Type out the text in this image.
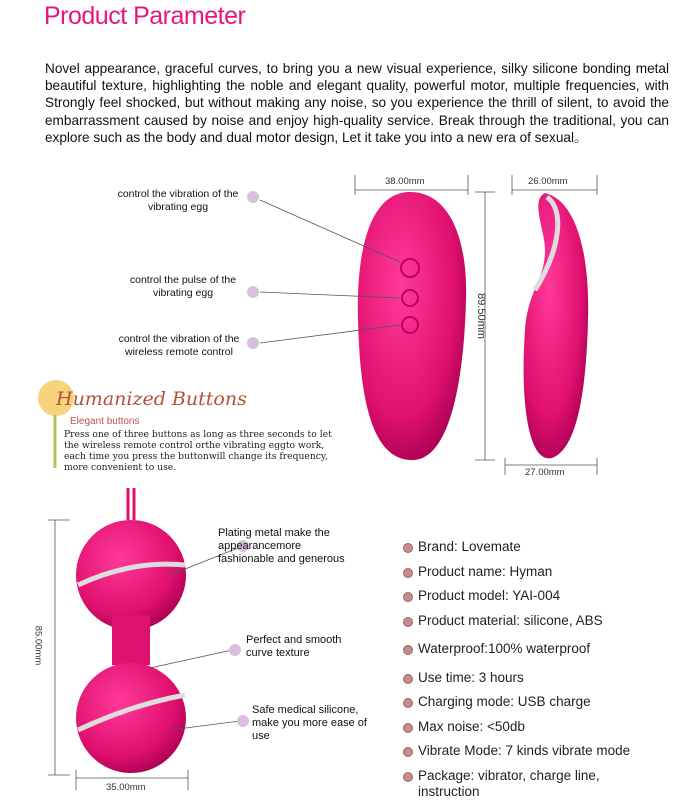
Product Parameter
Novel appearance, graceful curves, to bring you a new visual experience, silky silicone bonding metal beautiful texture, highlighting the noble and elegant quality, powerful motor, multiple frequencies, with Strongly feel shocked, but without making any noise, so you experience the thrill of silent, to avoid the embarrassment caused by noise and enjoy high-quality service. Break through the traditional, you can explore such as the body and dual motor design, Let it take you into a new era of sexual。
control the vibration of the vibrating egg
control the pulse of the vibrating egg
control the vibration of the wireless remote control
38.00mm	26.00mm
89.50mm
27.00mm
Humanized Buttons
Elegant buttons
Press one of three buttons as long as three seconds to let the wireless remote control orthe vibrating eggto work, each time you press the buttonwill change its frequency, more convenient to use.
Plating metal make the appearancemore fashionable and generous
Perfect and smooth curve texture
Safe medical silicone, make you more ease of use
85.00mm
35.00mm
Brand: Lovemate
Product name: Hyman
Product model: YAI-004
Product material: silicone, ABS
Waterproof:100% waterproof
Use time: 3 hours
Charging mode: USB charge
Max noise: <50db
Vibrate Mode: 7 kinds vibrate mode
Package: vibrator, charge line, instruction
